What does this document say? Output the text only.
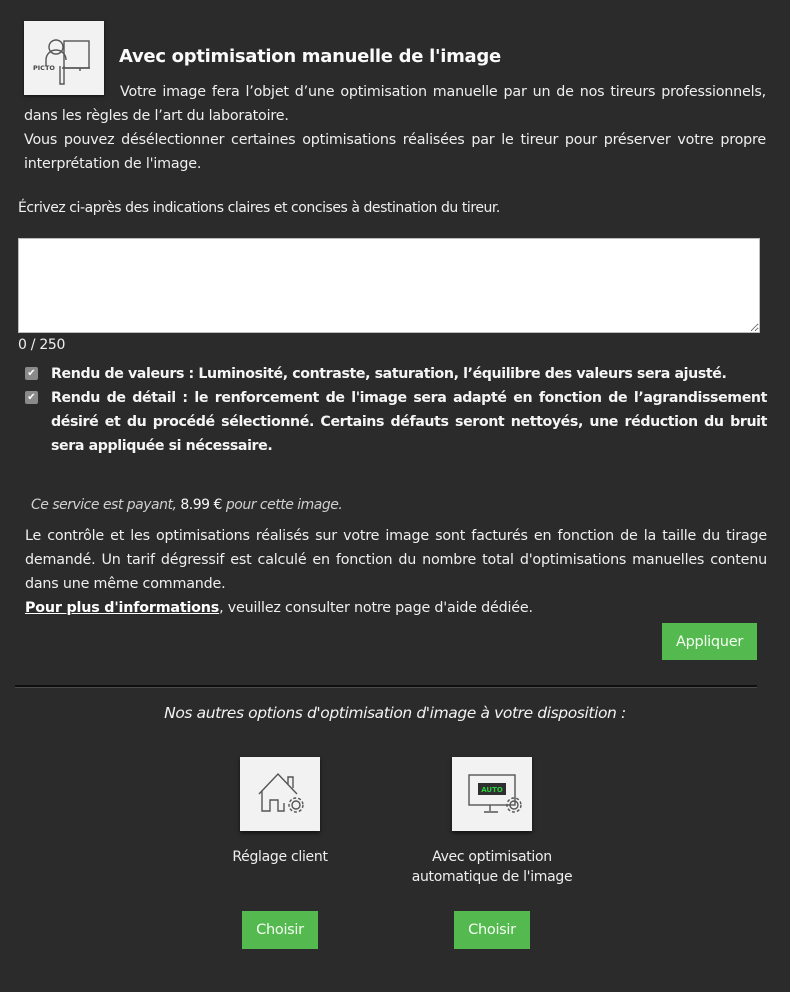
PICTO
Avec optimisation manuelle de l'image

Votre image fera l’objet d’une optimisation manuelle par un de nos tireurs professionnels, dans les règles de l’art du laboratoire.

Vous pouvez désélectionner certaines optimisations réalisées par le tireur pour préserver votre propre interprétation de l'image.

Écrivez ci-après des indications claires et concises à destination du tireur.
0 / 250
✔ Rendu de valeurs : Luminosité, contraste, saturation, l’équilibre des valeurs sera ajusté.
✔ Rendu de détail : le renforcement de l'image sera adapté en fonction de l’agrandissement désiré et du procédé sélectionné. Certains défauts seront nettoyés, une réduction du bruit sera appliquée si nécessaire.
Ce service est payant, 8.99 € pour cette image.

Le contrôle et les optimisations réalisés sur votre image sont facturés en fonction de la taille du tirage demandé. Un tarif dégressif est calculé en fonction du nombre total d'optimisations manuelles contenu dans une même commande.

Pour plus d'informations, veuillez consulter notre page d'aide dédiée.

Appliquer
Nos autres options d'optimisation d'image à votre disposition :
Réglage client
Choisir
AUTO
Avec optimisation automatique de l'image
Choisir
